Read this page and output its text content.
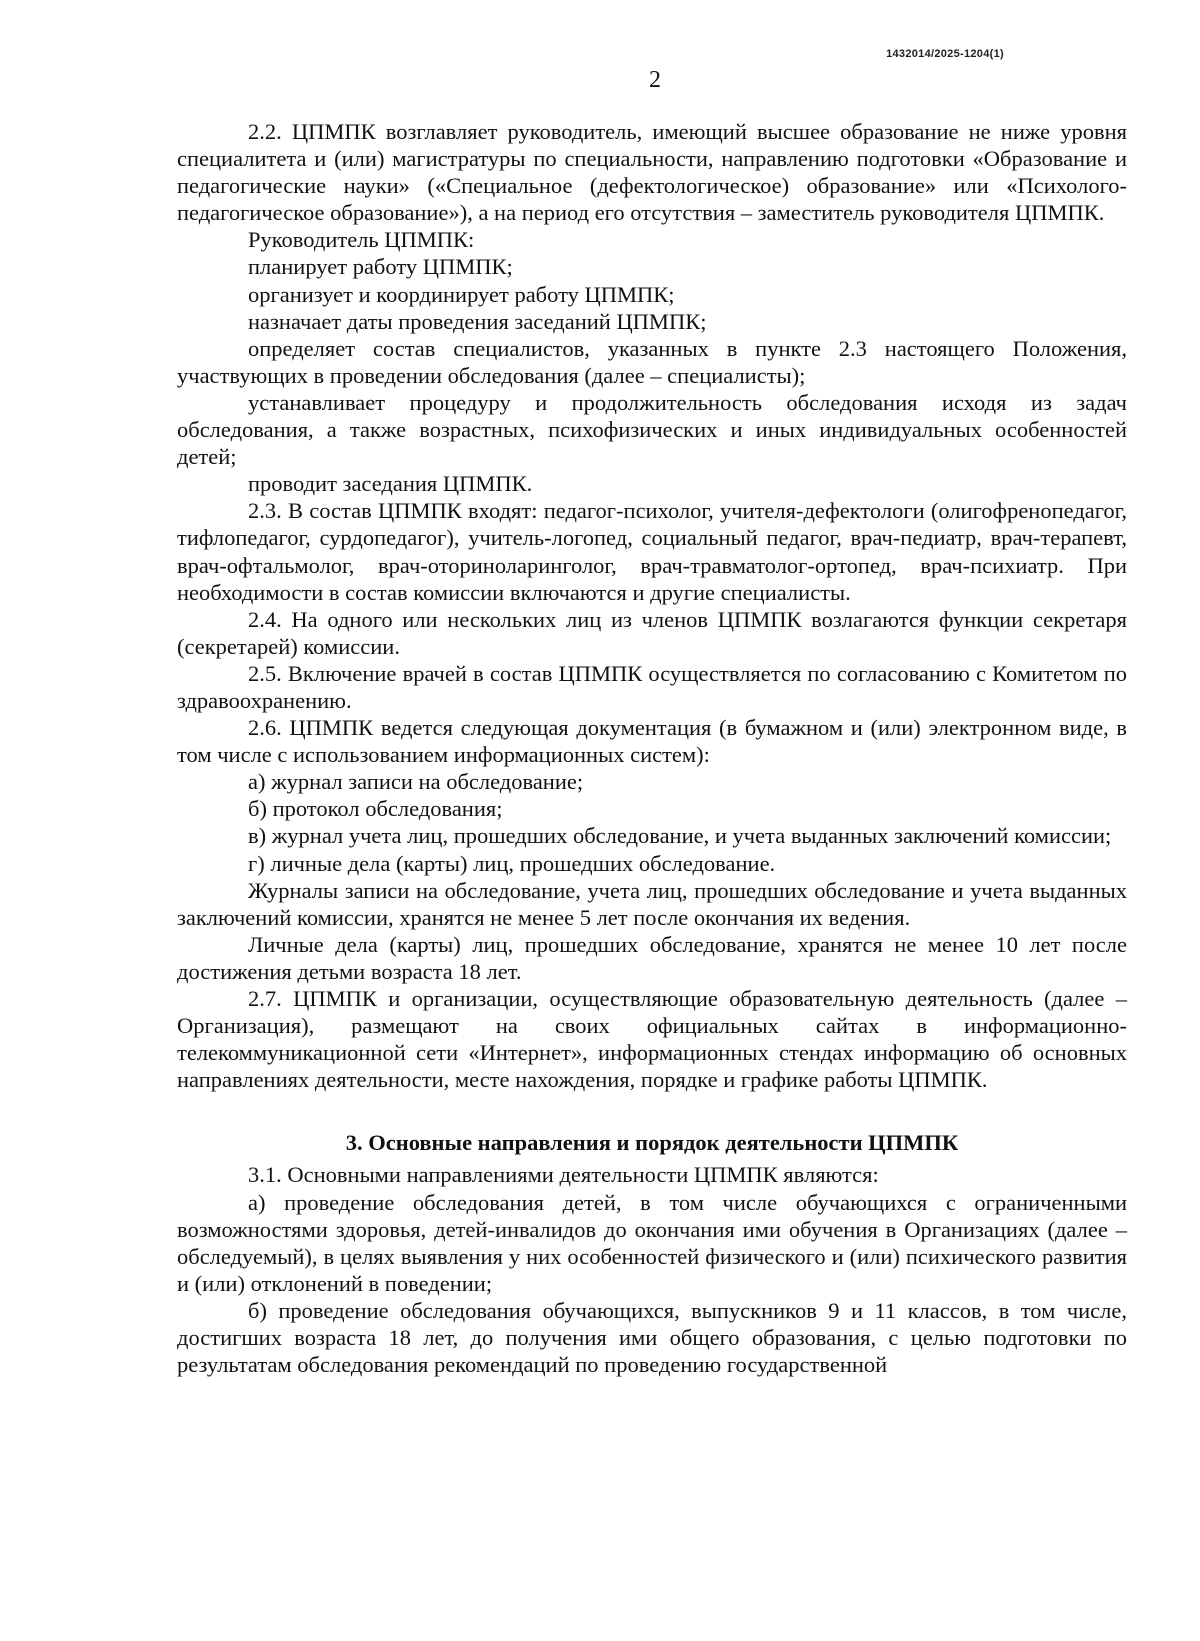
1432014/2025-1204(1)
2

2.2. ЦПМПК возглавляет руководитель, имеющий высшее образование не ниже уровня специалитета и (или) магистратуры по специальности, направлению подготовки «Образование и педагогические науки» («Специальное (дефектологическое) образование» или «Психолого-педагогическое образование»), а на период его отсутствия – заместитель руководителя ЦПМПК.

Руководитель ЦПМПК:

планирует работу ЦПМПК;

организует и координирует работу ЦПМПК;

назначает даты проведения заседаний ЦПМПК;

определяет состав специалистов, указанных в пункте 2.3 настоящего Положения, участвующих в проведении обследования (далее – специалисты);

устанавливает процедуру и продолжительность обследования исходя из задач обследования, а также возрастных, психофизических и иных индивидуальных особенностей детей;

проводит заседания ЦПМПК.

2.3. В состав ЦПМПК входят: педагог-психолог, учителя-дефектологи (олигофренопедагог, тифлопедагог, сурдопедагог), учитель-логопед, социальный педагог, врач-педиатр, врач-терапевт, врач-офтальмолог, врач-оториноларинголог, врач-травматолог-ортопед, врач-психиатр. При необходимости в состав комиссии включаются и другие специалисты.

2.4. На одного или нескольких лиц из членов ЦПМПК возлагаются функции секретаря (секретарей) комиссии.

2.5. Включение врачей в состав ЦПМПК осуществляется по согласованию с Комитетом по здравоохранению.

2.6. ЦПМПК ведется следующая документация (в бумажном и (или) электронном виде, в том числе с использованием информационных систем):

а) журнал записи на обследование;

б) протокол обследования;

в) журнал учета лиц, прошедших обследование, и учета выданных заключений комиссии;

г) личные дела (карты) лиц, прошедших обследование.

Журналы записи на обследование, учета лиц, прошедших обследование и учета выданных заключений комиссии, хранятся не менее 5 лет после окончания их ведения.

Личные дела (карты) лиц, прошедших обследование, хранятся не менее 10 лет после достижения детьми возраста 18 лет.

2.7. ЦПМПК и организации, осуществляющие образовательную деятельность (далее – Организация), размещают на своих официальных сайтах в информационно-телекоммуникационной сети «Интернет», информационных стендах информацию об основных направлениях деятельности, месте нахождения, порядке и графике работы ЦПМПК.

3. Основные направления и порядок деятельности ЦПМПК

3.1. Основными направлениями деятельности ЦПМПК являются:

а) проведение обследования детей, в том числе обучающихся с ограниченными возможностями здоровья, детей-инвалидов до окончания ими обучения в Организациях (далее – обследуемый), в целях выявления у них особенностей физического и (или) психического развития и (или) отклонений в поведении;

б) проведение обследования обучающихся, выпускников 9 и 11 классов, в том числе, достигших возраста 18 лет, до получения ими общего образования, с целью подготовки по результатам обследования рекомендаций по проведению государственной
